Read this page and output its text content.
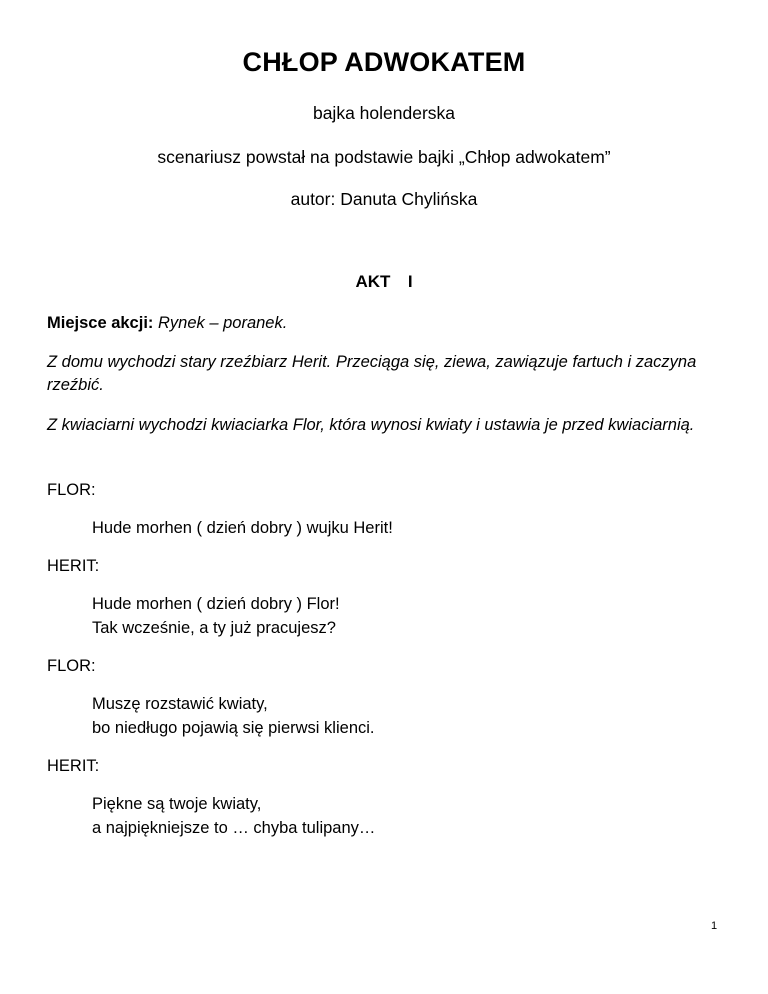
CHŁOP ADWOKATEM
bajka holenderska
scenariusz powstał na podstawie bajki „Chłop adwokatem”
autor: Danuta Chylińska
AKT  I
Miejsce akcji: Rynek – poranek.
Z domu wychodzi stary rzeźbiarz Herit. Przeciąga się, ziewa, zawiązuje fartuch i zaczyna rzeźbić.
Z kwiaciarni wychodzi kwiaciarka Flor, która wynosi kwiaty i ustawia je przed kwiaciarnią.
FLOR:
Hude morhen ( dzień dobry ) wujku Herit!
HERIT:
Hude morhen ( dzień dobry ) Flor!
Tak wcześnie, a ty już pracujesz?
FLOR:
Muszę rozstawić kwiaty,
bo niedługo pojawią się pierwsi klienci.
HERIT:
Piękne są twoje kwiaty,
a najpiękniejsze to … chyba tulipany…
1
